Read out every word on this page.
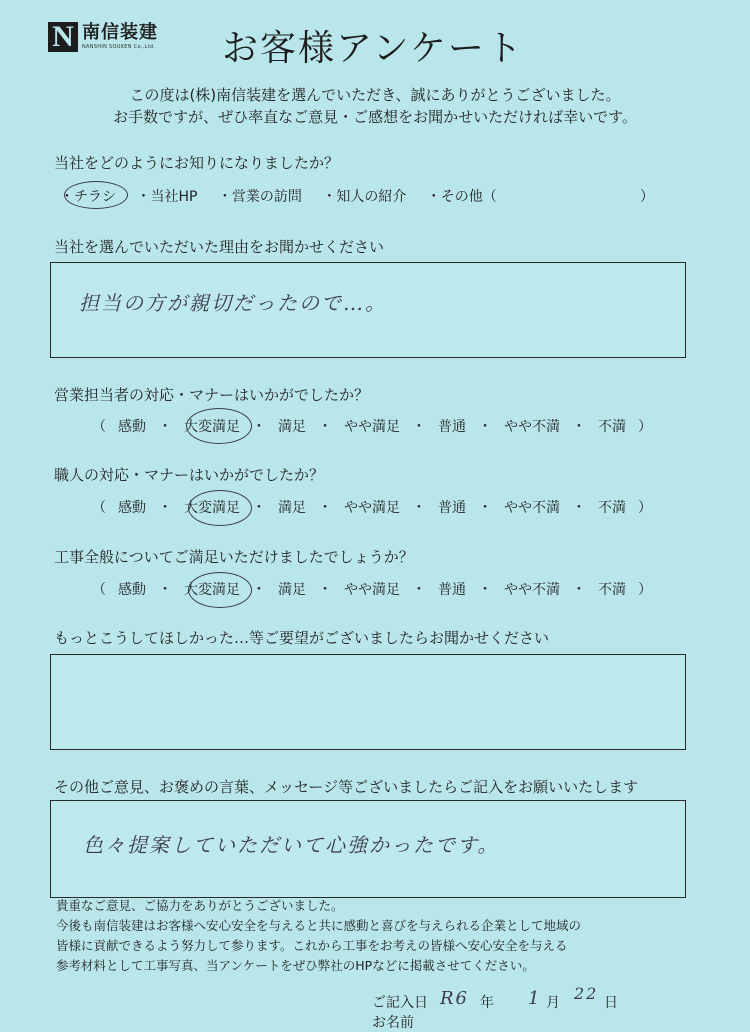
N 南信装建
NANSHIN SOUKEN Co.,Ltd. お客様アンケート
この度は(株)南信装建を選んでいただき、誠にありがとうございました。
お手数ですが、ぜひ率直なご意見・ご感想をお聞かせいただければ幸いです。
当社をどのようにお知りになりましたか？
・チラシ ・当社HP ・営業の訪問 ・知人の紹介 ・その他（	）
当社を選んでいただいた理由をお聞かせください
担当の方が親切だったので…。
営業担当者の対応・マナーはいかがでしたか？
（ 感動 ・ 大変満足 ・ 満足 ・ やや満足 ・ 普通 ・ やや不満 ・ 不満 ）
職人の対応・マナーはいかがでしたか？
（ 感動 ・ 大変満足 ・ 満足 ・ やや満足 ・ 普通 ・ やや不満 ・ 不満 ）
工事全般についてご満足いただけましたでしょうか？
（ 感動 ・ 大変満足 ・ 満足 ・ やや満足 ・ 普通 ・ やや不満 ・ 不満 ）
もっとこうしてほしかった…等ご要望がございましたらお聞かせください
その他ご意見、お褒めの言葉、メッセージ等ございましたらご記入をお願いいたします
色々提案していただいて心強かったです。
貴重なご意見、ご協力をありがとうございました。
今後も南信装建はお客様へ安心安全を与えると共に感動と喜びを与えられる企業として地域の
皆様に貢献できるよう努力して参ります。これから工事をお考えの皆様へ安心安全を与える
参考材料として工事写真、当アンケートをぜひ弊社のHPなどに掲載させてください。
ご記入日 R6 年 1 月 22 日
お名前
